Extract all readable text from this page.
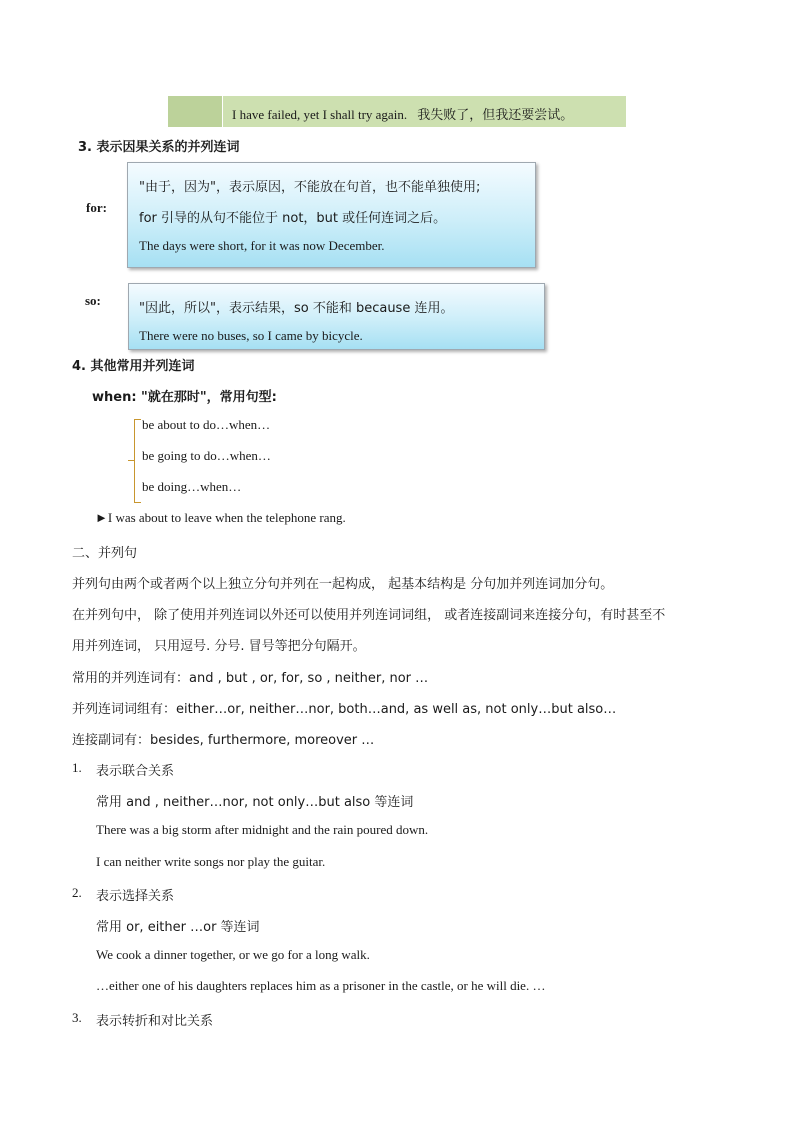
I have failed, yet I shall try again. 我失败了，但我还要尝试。
3. 表示因果关系的并列连词
for:
"由于，因为"，表示原因，不能放在句首，也不能单独使用;
for 引导的从句不能位于 not，but 或任何连词之后。
The days were short, for it was now December.
so:
"因此，所以"，表示结果，so 不能和 because 连用。
There were no buses, so I came by bicycle.
4. 其他常用并列连词
when: "就在那时"，常用句型:
be about to do…when…
be going to do…when…
be doing…when…
►I was about to leave when the telephone rang.
二、并列句
并列句由两个或者两个以上独立分句并列在一起构成， 起基本结构是 分句加并列连词加分句。
在并列句中， 除了使用并列连词以外还可以使用并列连词词组， 或者连接副词来连接分句，有时甚至不
用并列连词， 只用逗号. 分号. 冒号等把分句隔开。
常用的并列连词有：and , but , or, for, so , neither, nor …
并列连词词组有：either…or, neither…nor, both…and, as well as, not only…but also…
连接副词有：besides, furthermore, moreover …
1. 表示联合关系
常用 and , neither…nor, not only…but also 等连词
There was a big storm after midnight and the rain poured down.
I can neither write songs nor play the guitar.
2. 表示选择关系
常用 or, either …or 等连词
We cook a dinner together, or we go for a long walk.
…either one of his daughters replaces him as a prisoner in the castle, or he will die. …
3. 表示转折和对比关系
